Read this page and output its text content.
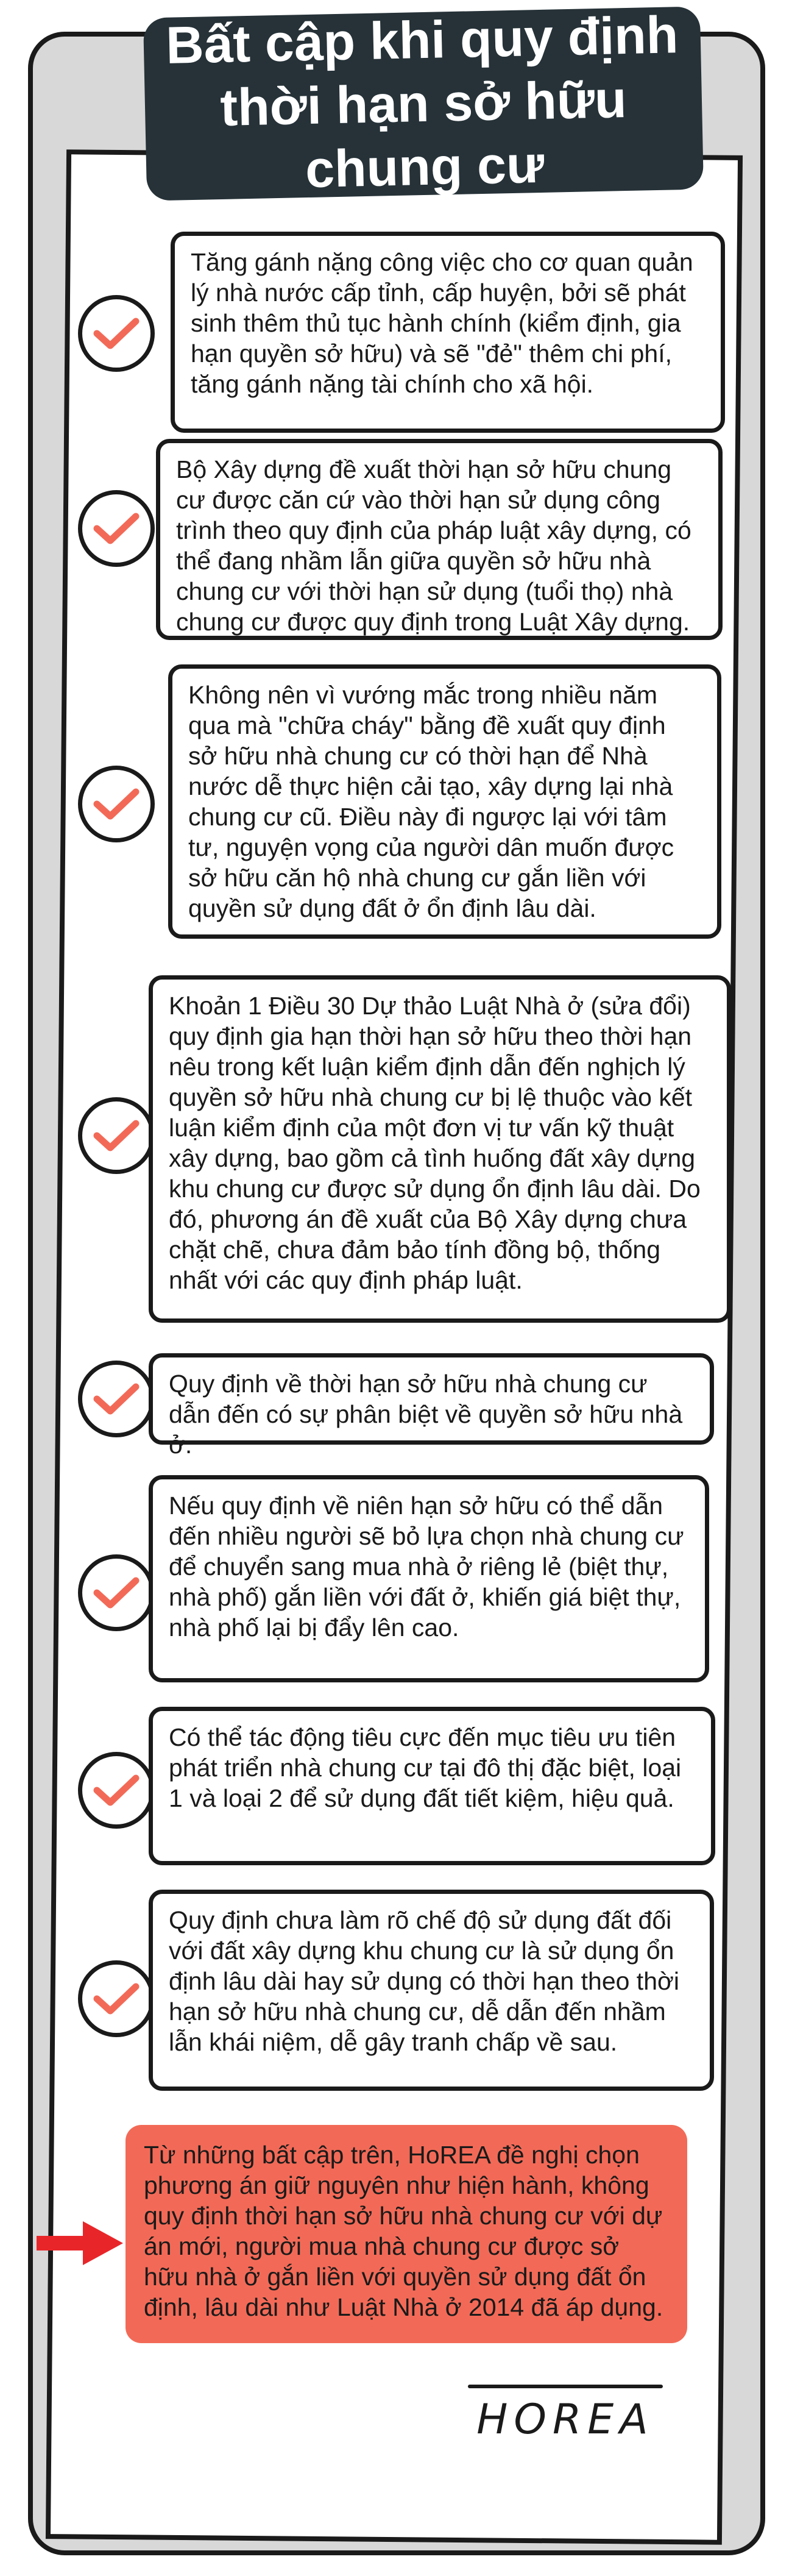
Bất cập khi quy định
thời hạn sở hữu chung cư
Tăng gánh nặng công việc cho cơ quan quản lý nhà nước cấp tỉnh, cấp huyện, bởi sẽ phát sinh thêm thủ tục hành chính (kiểm định, gia hạn quyền sở hữu) và sẽ "đẻ" thêm chi phí, tăng gánh nặng tài chính cho xã hội.
Bộ Xây dựng đề xuất thời hạn sở hữu chung cư được căn cứ vào thời hạn sử dụng công trình theo quy định của pháp luật xây dựng, có thể đang nhầm lẫn giữa quyền sở hữu nhà chung cư với thời hạn sử dụng (tuổi thọ) nhà chung cư được quy định trong Luật Xây dựng.
Không nên vì vướng mắc trong nhiều năm qua mà "chữa cháy" bằng đề xuất quy định sở hữu nhà chung cư có thời hạn để Nhà nước dễ thực hiện cải tạo, xây dựng lại nhà chung cư cũ. Điều này đi ngược lại với tâm tư, nguyện vọng của người dân muốn được sở hữu căn hộ nhà chung cư gắn liền với quyền sử dụng đất ở ổn định lâu dài.
Khoản 1 Điều 30 Dự thảo Luật Nhà ở (sửa đổi) quy định gia hạn thời hạn sở hữu theo thời hạn nêu trong kết luận kiểm định dẫn đến nghịch lý quyền sở hữu nhà chung cư bị lệ thuộc vào kết luận kiểm định của một đơn vị tư vấn kỹ thuật xây dựng, bao gồm cả tình huống đất xây dựng khu chung cư được sử dụng ổn định lâu dài. Do đó, phương án đề xuất của Bộ Xây dựng chưa chặt chẽ, chưa đảm bảo tính đồng bộ, thống nhất với các quy định pháp luật.
Quy định về thời hạn sở hữu nhà chung cư dẫn đến có sự phân biệt về quyền sở hữu nhà ở.
Nếu quy định về niên hạn sở hữu có thể dẫn đến nhiều người sẽ bỏ lựa chọn nhà chung cư để chuyển sang mua nhà ở riêng lẻ (biệt thự, nhà phố) gắn liền với đất ở, khiến giá biệt thự, nhà phố lại bị đẩy lên cao.
Có thể tác động tiêu cực đến mục tiêu ưu tiên phát triển nhà chung cư tại đô thị đặc biệt, loại 1 và loại 2 để sử dụng đất tiết kiệm, hiệu quả.
Quy định chưa làm rõ chế độ sử dụng đất đối với đất xây dựng khu chung cư là sử dụng ổn định lâu dài hay sử dụng có thời hạn theo thời hạn sở hữu nhà chung cư, dễ dẫn đến nhầm lẫn khái niệm, dễ gây tranh chấp về sau.
Từ những bất cập trên, HoREA đề nghị chọn phương án giữ nguyên như hiện hành, không quy định thời hạn sở hữu nhà chung cư với dự án mới, người mua nhà chung cư được sở hữu nhà ở gắn liền với quyền sử dụng đất ổn định, lâu dài như Luật Nhà ở 2014 đã áp dụng.
HOREA
